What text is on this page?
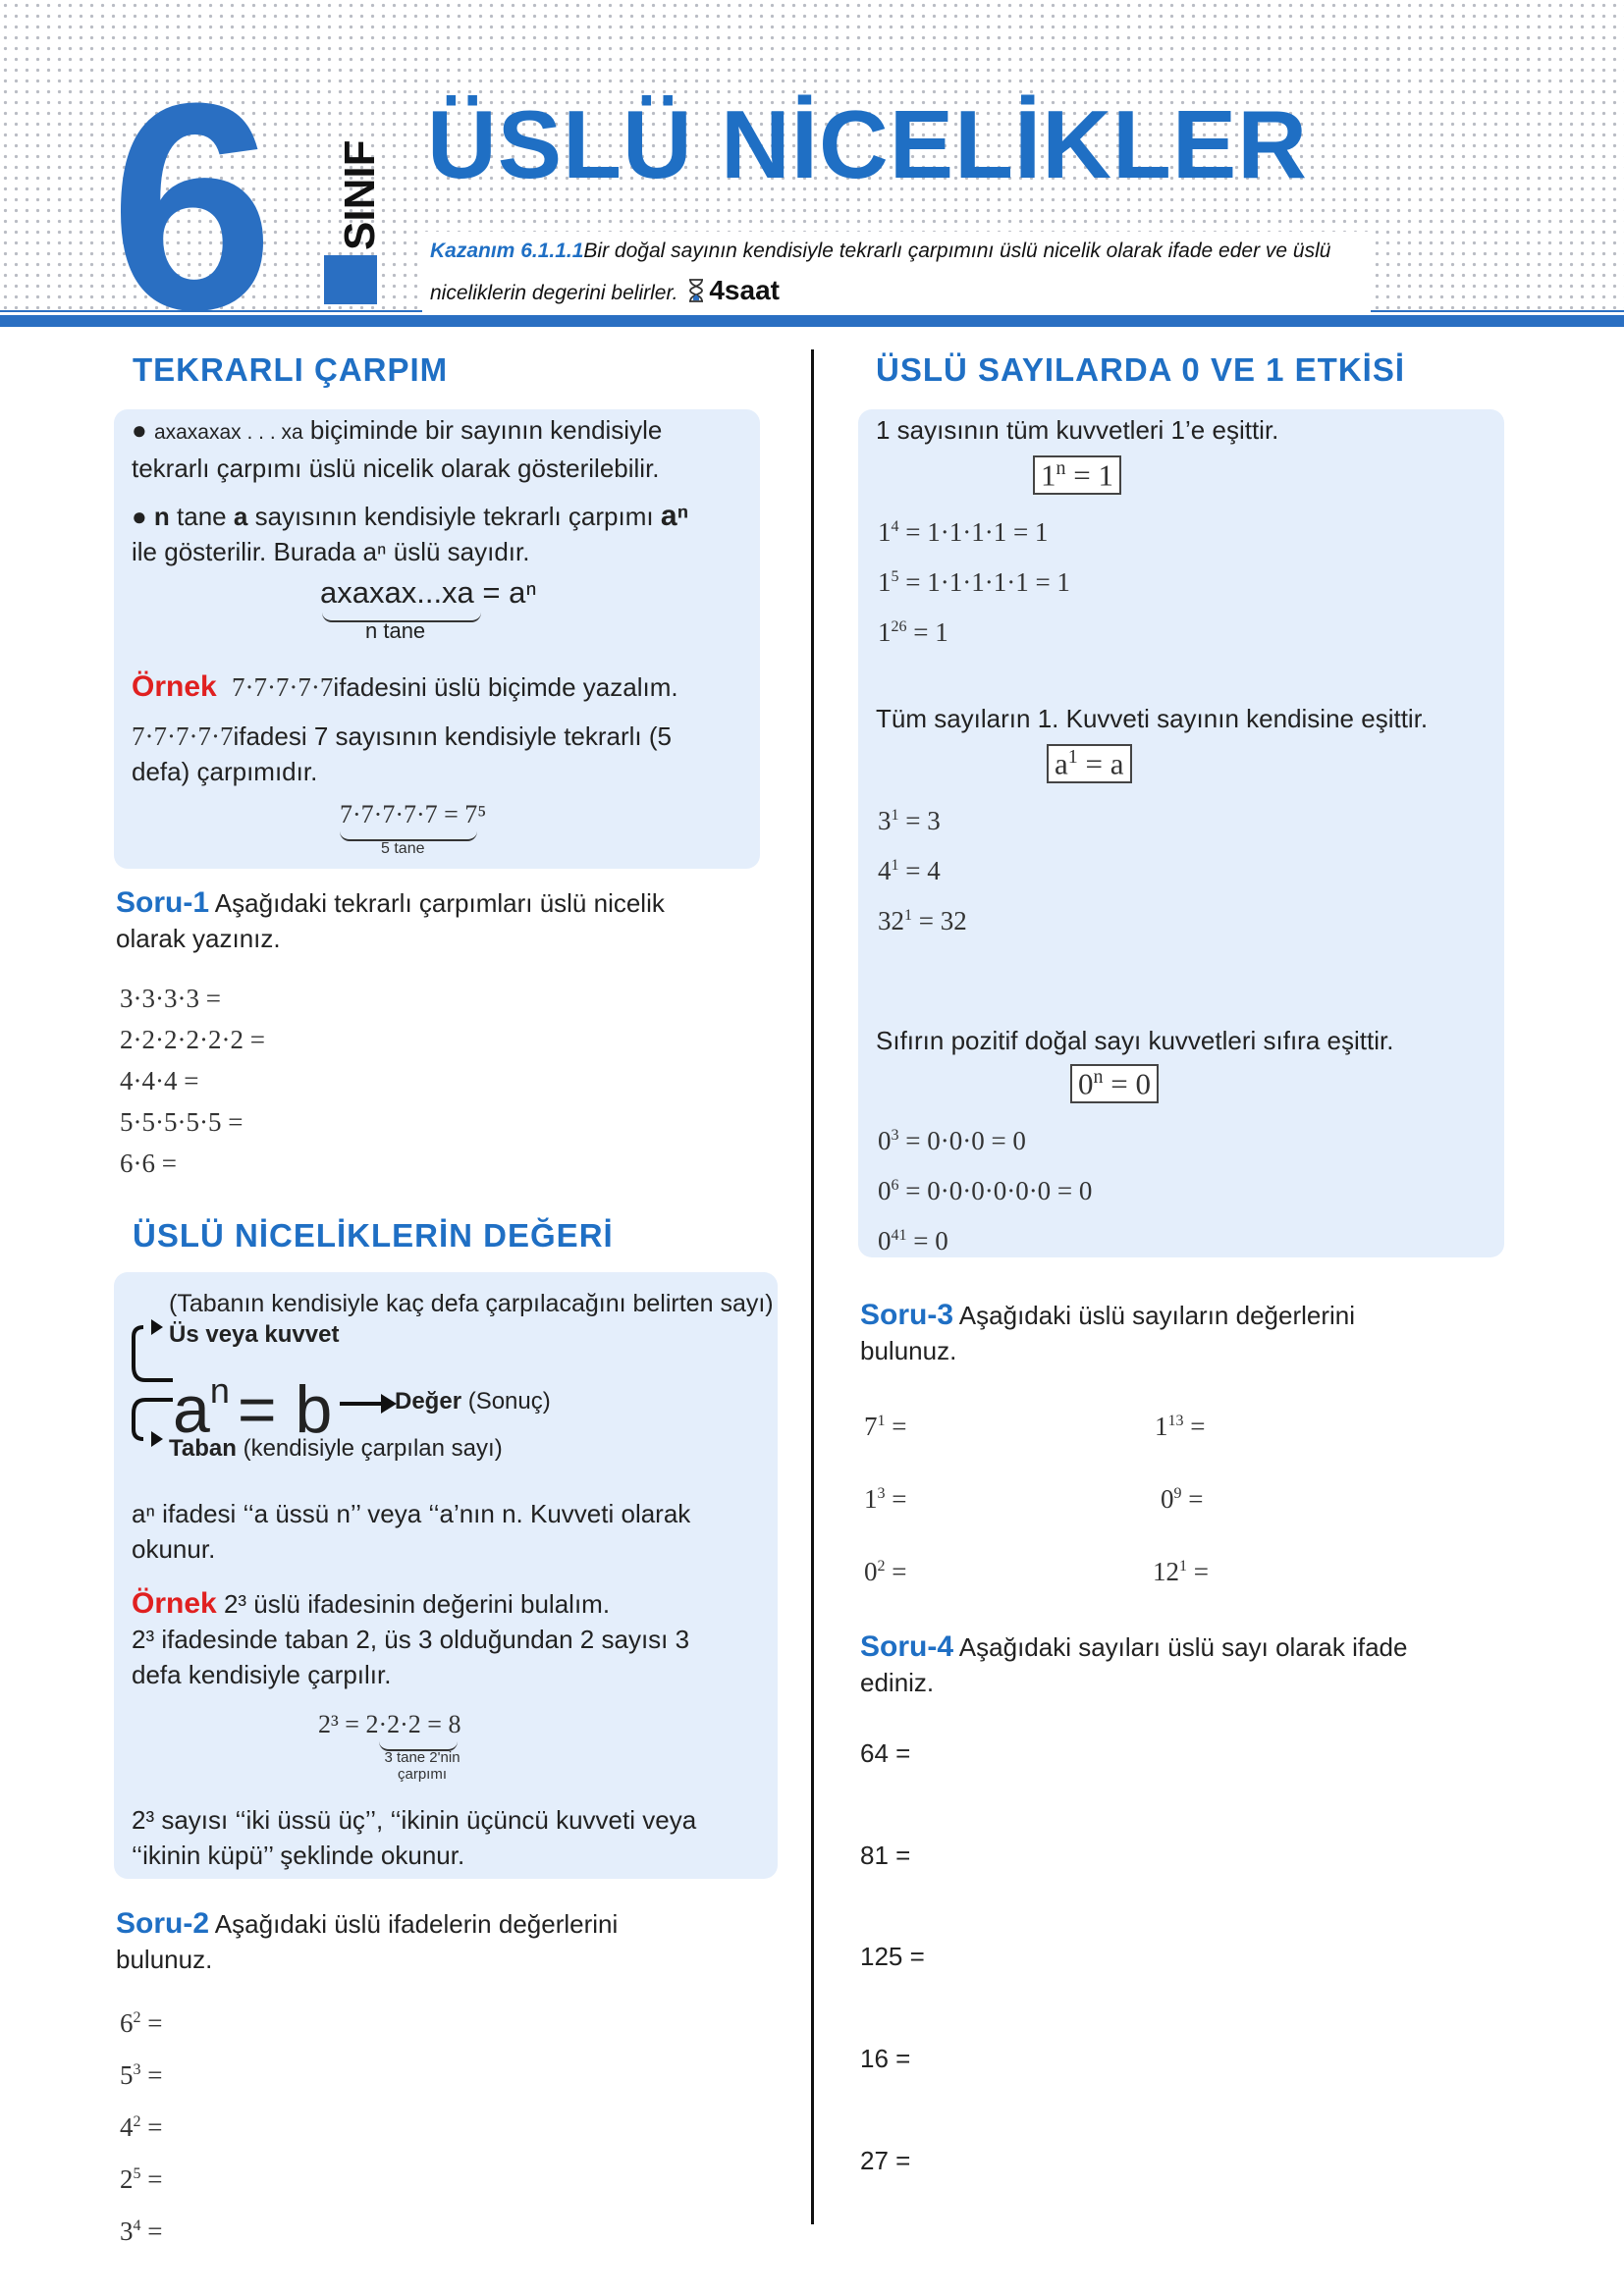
6 SINIF ÜSLÜ NİCELİKLER
Kazanım 6.1.1.1Bir doğal sayının kendisiyle tekrarlı çarpımını üslü nicelik olarak ifade eder ve üslü
niceliklerin degerini belirler. 4saat
TEKRARLI ÇARPIM
● axaxaxax . . . xa biçiminde bir sayının kendisiyle
tekrarlı çarpımı üslü nicelik olarak gösterilebilir.
● n tane a sayısının kendisiyle tekrarlı çarpımı aⁿ
ile gösterilir. Burada aⁿ üslü sayıdır.
axaxax...xa = aⁿ
n tane
Örnek 7·7·7·7·7ifadesini üslü biçimde yazalım.
7·7·7·7·7ifadesi 7 sayısının kendisiyle tekrarlı (5
defa) çarpımıdır.
7·7·7·7·7 = 7⁵
5 tane
Soru-1 Aşağıdaki tekrarlı çarpımları üslü nicelik
olarak yazınız.
3·3·3·3 =
2·2·2·2·2·2 =
4·4·4 =
5·5·5·5·5 =
6·6 =
ÜSLÜ NİCELİKLERİN DEĞERİ
(Tabanın kendisiyle kaç defa çarpılacağını belirten sayı)
Üs veya kuvvet
$a^n = b$	Değer (Sonuç)
Taban (kendisiyle çarpılan sayı)
aⁿ ifadesi ‘‘a üssü n’’ veya ‘‘a’nın n. Kuvveti olarak
okunur.
Örnek 2³ üslü ifadesinin değerini bulalım.
2³ ifadesinde taban 2, üs 3 olduğundan 2 sayısı 3
defa kendisiyle çarpılır.
2³ = 2·2·2 = 8
3 tane 2'nin
çarpımı
2³ sayısı ‘‘iki üssü üç’’, ‘‘ikinin üçüncü kuvveti veya
‘‘ikinin küpü’’ şeklinde okunur.
Soru-2 Aşağıdaki üslü ifadelerin değerlerini
bulunuz.
$6^2$ =
$5^3$ =
$4^2$ =
$2^5$ =
$3^4$ =
ÜSLÜ SAYILARDA 0 VE 1 ETKİSİ
1 sayısının tüm kuvvetleri 1’e eşittir.
$1^n = 1$
$1^4 = 1\cdot 1\cdot 1\cdot 1 = 1$
$1^5 = 1\cdot 1\cdot 1\cdot 1\cdot 1 = 1$
$1^{26} = 1$
Tüm sayıların 1. Kuvveti sayının kendisine eşittir.
$a^1 = a$
$3^1 = 3$
$4^1 = 4$
$32^1 = 32$
Sıfırın pozitif doğal sayı kuvvetleri sıfıra eşittir.
$0^n = 0$
$0^3 = 0\cdot 0\cdot 0 = 0$
$0^6 = 0\cdot 0\cdot 0\cdot 0\cdot 0\cdot 0 = 0$
$0^{41} = 0$
Soru-3 Aşağıdaki üslü sayıların değerlerini
bulunuz.
$7^1$ =	$1^{13}$ =
$1^3$ =	$0^9$ =
$0^2$ =	$12^1$ =
Soru-4 Aşağıdaki sayıları üslü sayı olarak ifade
ediniz.
64 =
81 =
125 =
16 =
27 =
